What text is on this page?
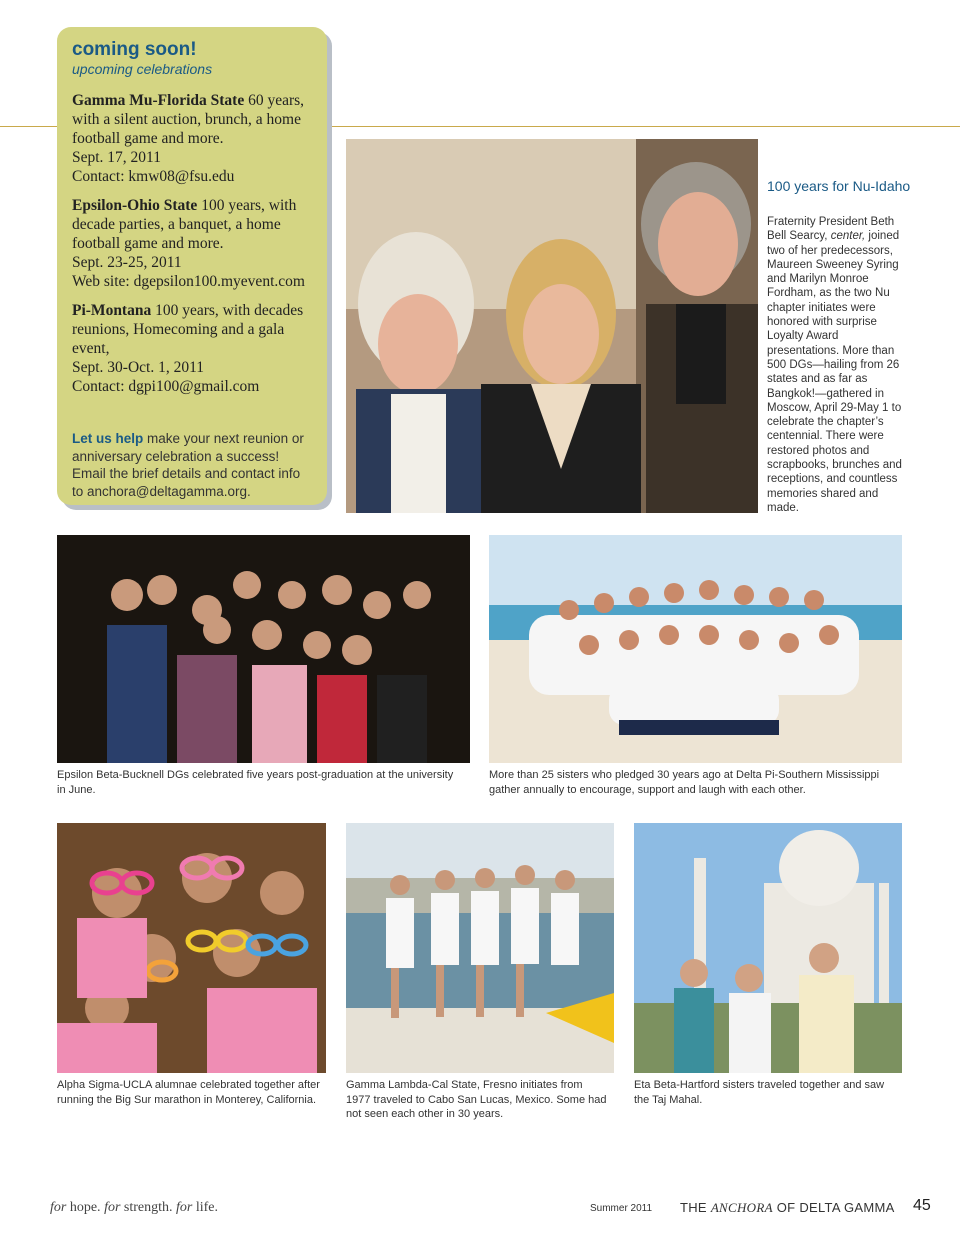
coming soon!
upcoming celebrations
Gamma Mu-Florida State 60 years, with a silent auction, brunch, a home football game and more.
Sept. 17, 2011
Contact: kmw08@fsu.edu
Epsilon-Ohio State 100 years, with decade parties, a banquet, a home football game and more.
Sept. 23-25, 2011
Web site: dgepsilon100.myevent.com
Pi-Montana 100 years, with decades reunions, Homecoming and a gala event,
Sept. 30-Oct. 1, 2011
Contact: dgpi100@gmail.com
Let us help make your next reunion or anniversary celebration a success! Email the brief details and contact info to anchora@deltagamma.org.
100 years for Nu-Idaho
Fraternity President Beth Bell Searcy, center, joined two of her predecessors, Maureen Sweeney Syring and Marilyn Monroe Fordham, as the two Nu chapter initiates were honored with surprise Loyalty Award presentations. More than 500 DGs—hailing from 26 states and as far as Bangkok!—gathered in Moscow, April 29-May 1 to celebrate the chapter’s centennial. There were restored photos and scrapbooks, brunches and receptions, and countless memories shared and made.
Epsilon Beta-Bucknell DGs celebrated five years post-graduation at the university in June.
More than 25 sisters who pledged 30 years ago at Delta Pi-Southern Mississippi gather annually to encourage, support and laugh with each other.
Alpha Sigma-UCLA alumnae celebrated together after running the Big Sur marathon in Monterey, California.
Gamma Lambda-Cal State, Fresno initiates from 1977 traveled to Cabo San Lucas, Mexico. Some had not seen each other in 30 years.
Eta Beta-Hartford sisters traveled together and saw the Taj Mahal.
for hope. for strength. for life.	Summer 2011 THE ANCHORA OF DELTA GAMMA 45
